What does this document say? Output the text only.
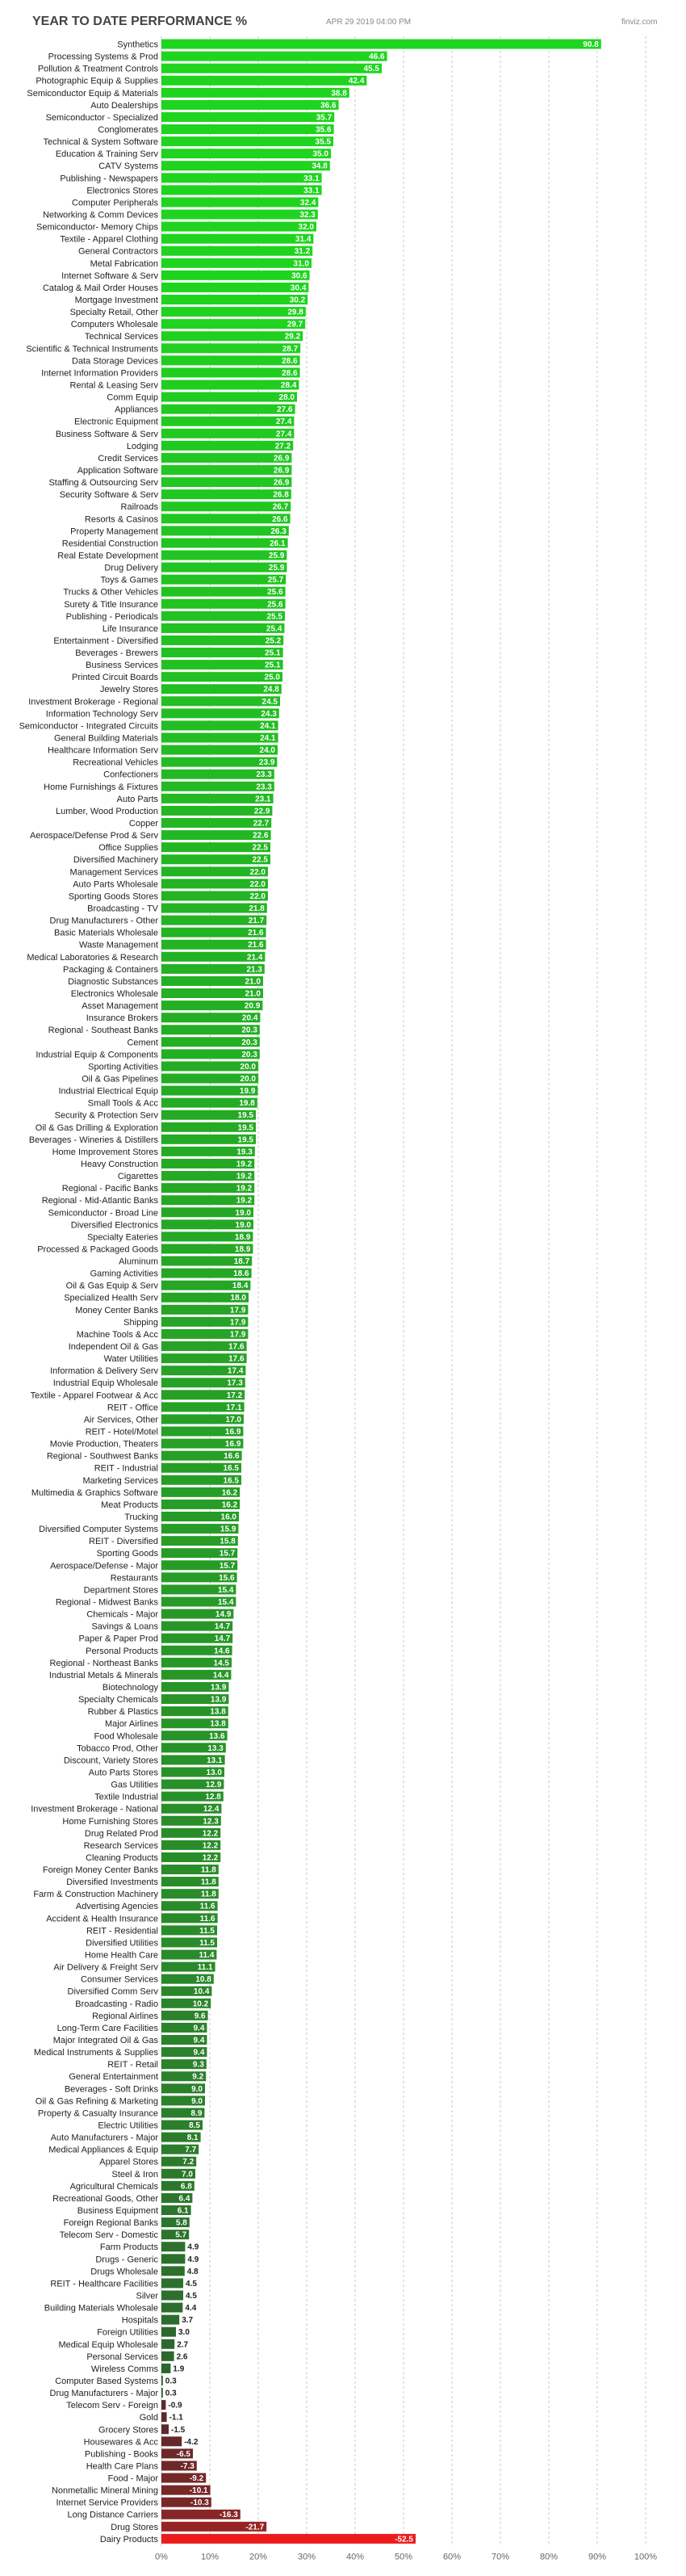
YEAR TO DATE PERFORMANCE %	APR 29 2019 04:00 PM	finviz.com
Synthetics	90.8
Processing Systems & Prod	46.6
Pollution & Treatment Controls	45.5
Photographic Equip & Supplies	42.4
Semiconductor Equip & Materials	38.8
Auto Dealerships	36.6
Semiconductor - Specialized	35.7
Conglomerates	35.6
Technical & System Software	35.5
Education & Training Serv	35.0
CATV Systems	34.8
Publishing - Newspapers	33.1
Electronics Stores	33.1
Computer Peripherals	32.4
Networking & Comm Devices	32.3
Semiconductor- Memory Chips	32.0
Textile - Apparel Clothing	31.4
General Contractors	31.2
Metal Fabrication	31.0
Internet Software & Serv	30.6
Catalog & Mail Order Houses	30.4
Mortgage Investment	30.2
Specialty Retail, Other	29.8
Computers Wholesale	29.7
Technical Services	29.2
Scientific & Technical Instruments	28.7
Data Storage Devices	28.6
Internet Information Providers	28.6
Rental & Leasing Serv	28.4
Comm Equip	28.0
Appliances	27.6
Electronic Equipment	27.4
Business Software & Serv	27.4
Lodging	27.2
Credit Services	26.9
Application Software	26.9
Staffing & Outsourcing Serv	26.9
Security Software & Serv	26.8
Railroads	26.7
Resorts & Casinos	26.6
Property Management	26.3
Residential Construction	26.1
Real Estate Development	25.9
Drug Delivery	25.9
Toys & Games	25.7
Trucks & Other Vehicles	25.6
Surety & Title Insurance	25.6
Publishing - Periodicals	25.5
Life Insurance	25.4
Entertainment - Diversified	25.2
Beverages - Brewers	25.1
Business Services	25.1
Printed Circuit Boards	25.0
Jewelry Stores	24.8
Investment Brokerage - Regional	24.5
Information Technology Serv	24.3
Semiconductor - Integrated Circuits	24.1
General Building Materials	24.1
Healthcare Information Serv	24.0
Recreational Vehicles	23.9
Confectioners	23.3
Home Furnishings & Fixtures	23.3
Auto Parts	23.1
Lumber, Wood Production	22.9
Copper	22.7
Aerospace/Defense Prod & Serv	22.6
Office Supplies	22.5
Diversified Machinery	22.5
Management Services	22.0
Auto Parts Wholesale	22.0
Sporting Goods Stores	22.0
Broadcasting - TV	21.8
Drug Manufacturers - Other	21.7
Basic Materials Wholesale	21.6
Waste Management	21.6
Medical Laboratories & Research	21.4
Packaging & Containers	21.3
Diagnostic Substances	21.0
Electronics Wholesale	21.0
Asset Management	20.9
Insurance Brokers	20.4
Regional - Southeast Banks	20.3
Cement	20.3
Industrial Equip & Components	20.3
Sporting Activities	20.0
Oil & Gas Pipelines	20.0
Industrial Electrical Equip	19.9
Small Tools & Acc	19.8
Security & Protection Serv	19.5
Oil & Gas Drilling & Exploration	19.5
Beverages - Wineries & Distillers	19.5
Home Improvement Stores	19.3
Heavy Construction	19.2
Cigarettes	19.2
Regional - Pacific Banks	19.2
Regional - Mid-Atlantic Banks	19.2
Semiconductor - Broad Line	19.0
Diversified Electronics	19.0
Specialty Eateries	18.9
Processed & Packaged Goods	18.9
Aluminum	18.7
Gaming Activities	18.6
Oil & Gas Equip & Serv	18.4
Specialized Health Serv	18.0
Money Center Banks	17.9
Shipping	17.9
Machine Tools & Acc	17.9
Independent Oil & Gas	17.6
Water Utilities	17.6
Information & Delivery Serv	17.4
Industrial Equip Wholesale	17.3
Textile - Apparel Footwear & Acc	17.2
REIT - Office	17.1
Air Services, Other	17.0
REIT - Hotel/Motel	16.9
Movie Production, Theaters	16.9
Regional - Southwest Banks	16.6
REIT - Industrial	16.5
Marketing Services	16.5
Multimedia & Graphics Software	16.2
Meat Products	16.2
Trucking	16.0
Diversified Computer Systems	15.9
REIT - Diversified	15.8
Sporting Goods	15.7
Aerospace/Defense - Major	15.7
Restaurants	15.6
Department Stores	15.4
Regional - Midwest Banks	15.4
Chemicals - Major	14.9
Savings & Loans	14.7
Paper & Paper Prod	14.7
Personal Products	14.6
Regional - Northeast Banks	14.5
Industrial Metals & Minerals	14.4
Biotechnology	13.9
Specialty Chemicals	13.9
Rubber & Plastics	13.8
Major Airlines	13.8
Food Wholesale	13.6
Tobacco Prod, Other	13.3
Discount, Variety Stores	13.1
Auto Parts Stores	13.0
Gas Utilities	12.9
Textile Industrial	12.8
Investment Brokerage - National	12.4
Home Furnishing Stores	12.3
Drug Related Prod	12.2
Research Services	12.2
Cleaning Products	12.2
Foreign Money Center Banks	11.8
Diversified Investments	11.8
Farm & Construction Machinery	11.8
Advertising Agencies	11.6
Accident & Health Insurance	11.6
REIT - Residential	11.5
Diversified Utilities	11.5
Home Health Care	11.4
Air Delivery & Freight Serv	11.1
Consumer Services	10.8
Diversified Comm Serv	10.4
Broadcasting - Radio	10.2
Regional Airlines	9.6
Long-Term Care Facilities	9.4
Major Integrated Oil & Gas	9.4
Medical Instruments & Supplies	9.4
REIT - Retail	9.3
General Entertainment	9.2
Beverages - Soft Drinks	9.0
Oil & Gas Refining & Marketing	9.0
Property & Casualty Insurance	8.9
Electric Utilities	8.5
Auto Manufacturers - Major	8.1
Medical Appliances & Equip	7.7
Apparel Stores	7.2
Steel & Iron	7.0
Agricultural Chemicals	6.8
Recreational Goods, Other	6.4
Business Equipment 6.1
Foreign Regional Banks 5.8
Telecom Serv - Domestic 5.7
Farm Products	4.9
Drugs - Generic	4.9
Drugs Wholesale	4.8
REIT - Healthcare Facilities	4.5
Silver	4.5
Building Materials Wholesale	4.4
Hospitals	3.7
Foreign Utilities	3.0
Medical Equip Wholesale 2.7
Personal Services 2.6
Wireless Comms 1.9
Computer Based Systems 0.3
Drug Manufacturers - Major 0.3
Telecom Serv - Foreign -0.9
Gold -1.1
Grocery Stores -1.5
Housewares & Acc	-4.2
Publishing - Books -6.5
Health Care Plans	-7.3
Food - Major	-9.2
Nonmetallic Mineral Mining	-10.1
Internet Service Providers	-10.3
Long Distance Carriers	-16.3
Drug Stores	-21.7
Dairy Products	-52.5
0%	10%	20%	30%	40%	50%	60%	70%	80%	90%	100%
